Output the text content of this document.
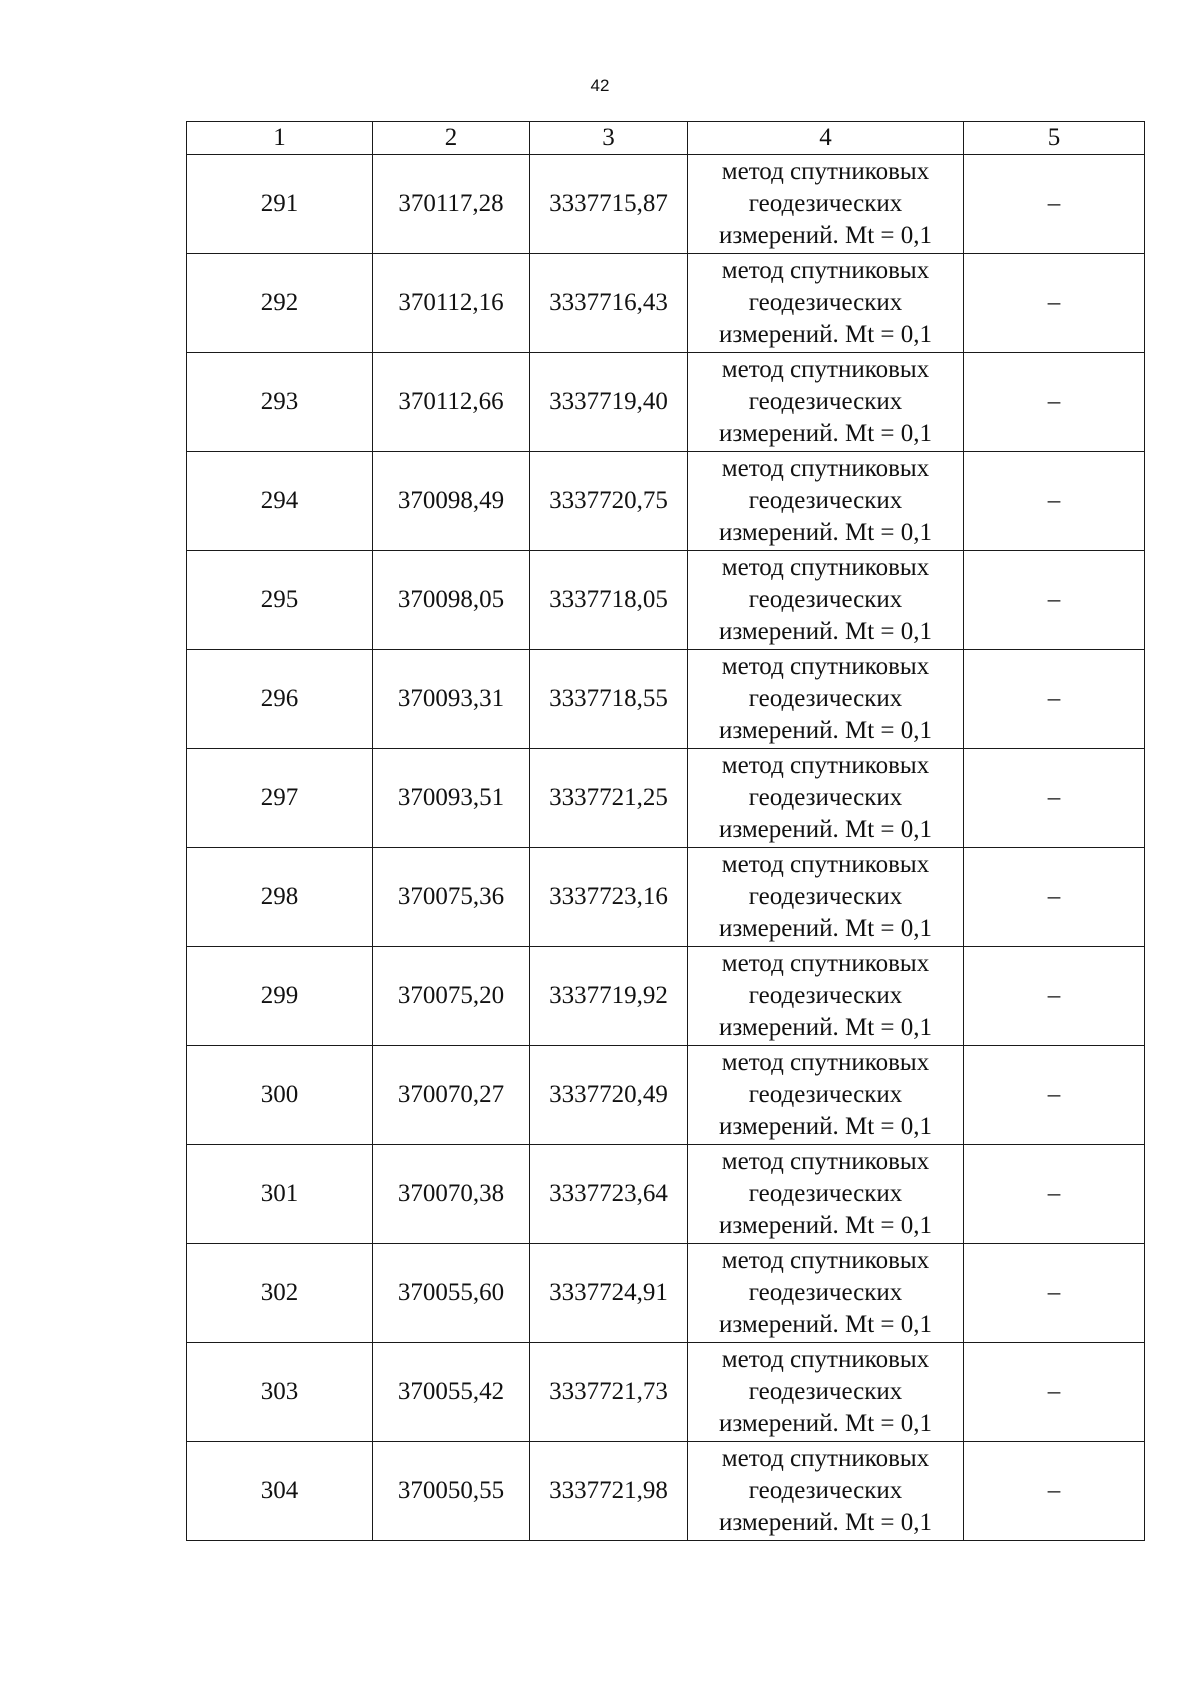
42
1	2	3	4	5
291	370117,28	3337715,87	метод спутниковых
геодезических
измерений. Mt = 0,1	–
292	370112,16	3337716,43	метод спутниковых
геодезических
измерений. Mt = 0,1	–
293	370112,66	3337719,40	метод спутниковых
геодезических
измерений. Mt = 0,1	–
294	370098,49	3337720,75	метод спутниковых
геодезических
измерений. Mt = 0,1	–
295	370098,05	3337718,05	метод спутниковых
геодезических
измерений. Mt = 0,1	–
296	370093,31	3337718,55	метод спутниковых
геодезических
измерений. Mt = 0,1	–
297	370093,51	3337721,25	метод спутниковых
геодезических
измерений. Mt = 0,1	–
298	370075,36	3337723,16	метод спутниковых
геодезических
измерений. Mt = 0,1	–
299	370075,20	3337719,92	метод спутниковых
геодезических
измерений. Mt = 0,1	–
300	370070,27	3337720,49	метод спутниковых
геодезических
измерений. Mt = 0,1	–
301	370070,38	3337723,64	метод спутниковых
геодезических
измерений. Mt = 0,1	–
302	370055,60	3337724,91	метод спутниковых
геодезических
измерений. Mt = 0,1	–
303	370055,42	3337721,73	метод спутниковых
геодезических
измерений. Mt = 0,1	–
304	370050,55	3337721,98	метод спутниковых
геодезических
измерений. Mt = 0,1	–
